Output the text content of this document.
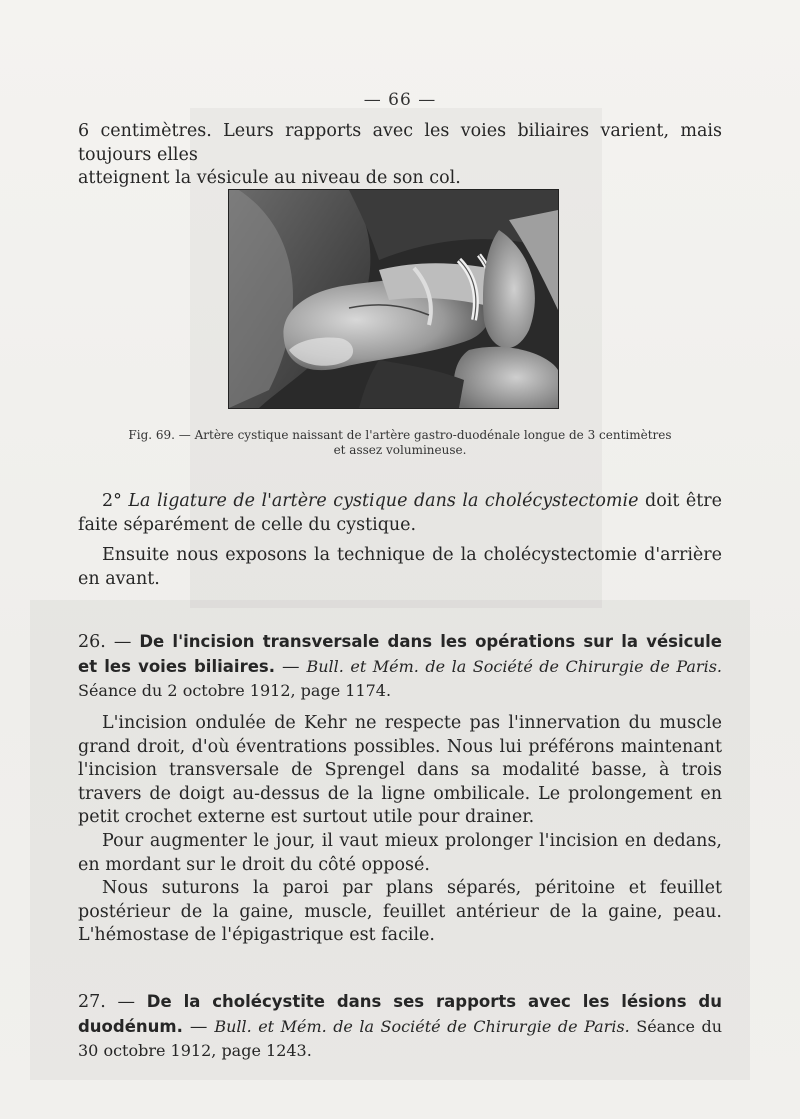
— 66 —

6 centimètres. Leurs rapports avec les voies biliaires varient, mais toujours elles
atteignent la vésicule au niveau de son col.

Fig. 69. — Artère cystique naissant de l'artère gastro-duodénale longue de 3 centimètres
et assez volumineuse.

2° La ligature de l'artère cystique dans la cholécystectomie doit être faite séparément de celle du cystique.

Ensuite nous exposons la technique de la cholécystectomie d'arrière en avant.

26. — De l'incision transversale dans les opérations sur la vésicule et les voies biliaires. — Bull. et Mém. de la Société de Chirurgie de Paris. Séance du 2 octobre 1912, page 1174.

L'incision ondulée de Kehr ne respecte pas l'innervation du muscle grand droit, d'où éventrations possibles. Nous lui préférons maintenant l'incision transversale de Sprengel dans sa modalité basse, à trois travers de doigt au-dessus de la ligne ombilicale. Le prolongement en petit crochet externe est surtout utile pour drainer.

Pour augmenter le jour, il vaut mieux prolonger l'incision en dedans, en mordant sur le droit du côté opposé.

Nous suturons la paroi par plans séparés, péritoine et feuillet postérieur de la gaine, muscle, feuillet antérieur de la gaine, peau. L'hémostase de l'épigastrique est facile.

27. — De la cholécystite dans ses rapports avec les lésions du duodénum. — Bull. et Mém. de la Société de Chirurgie de Paris. Séance du 30 octobre 1912, page 1243.
